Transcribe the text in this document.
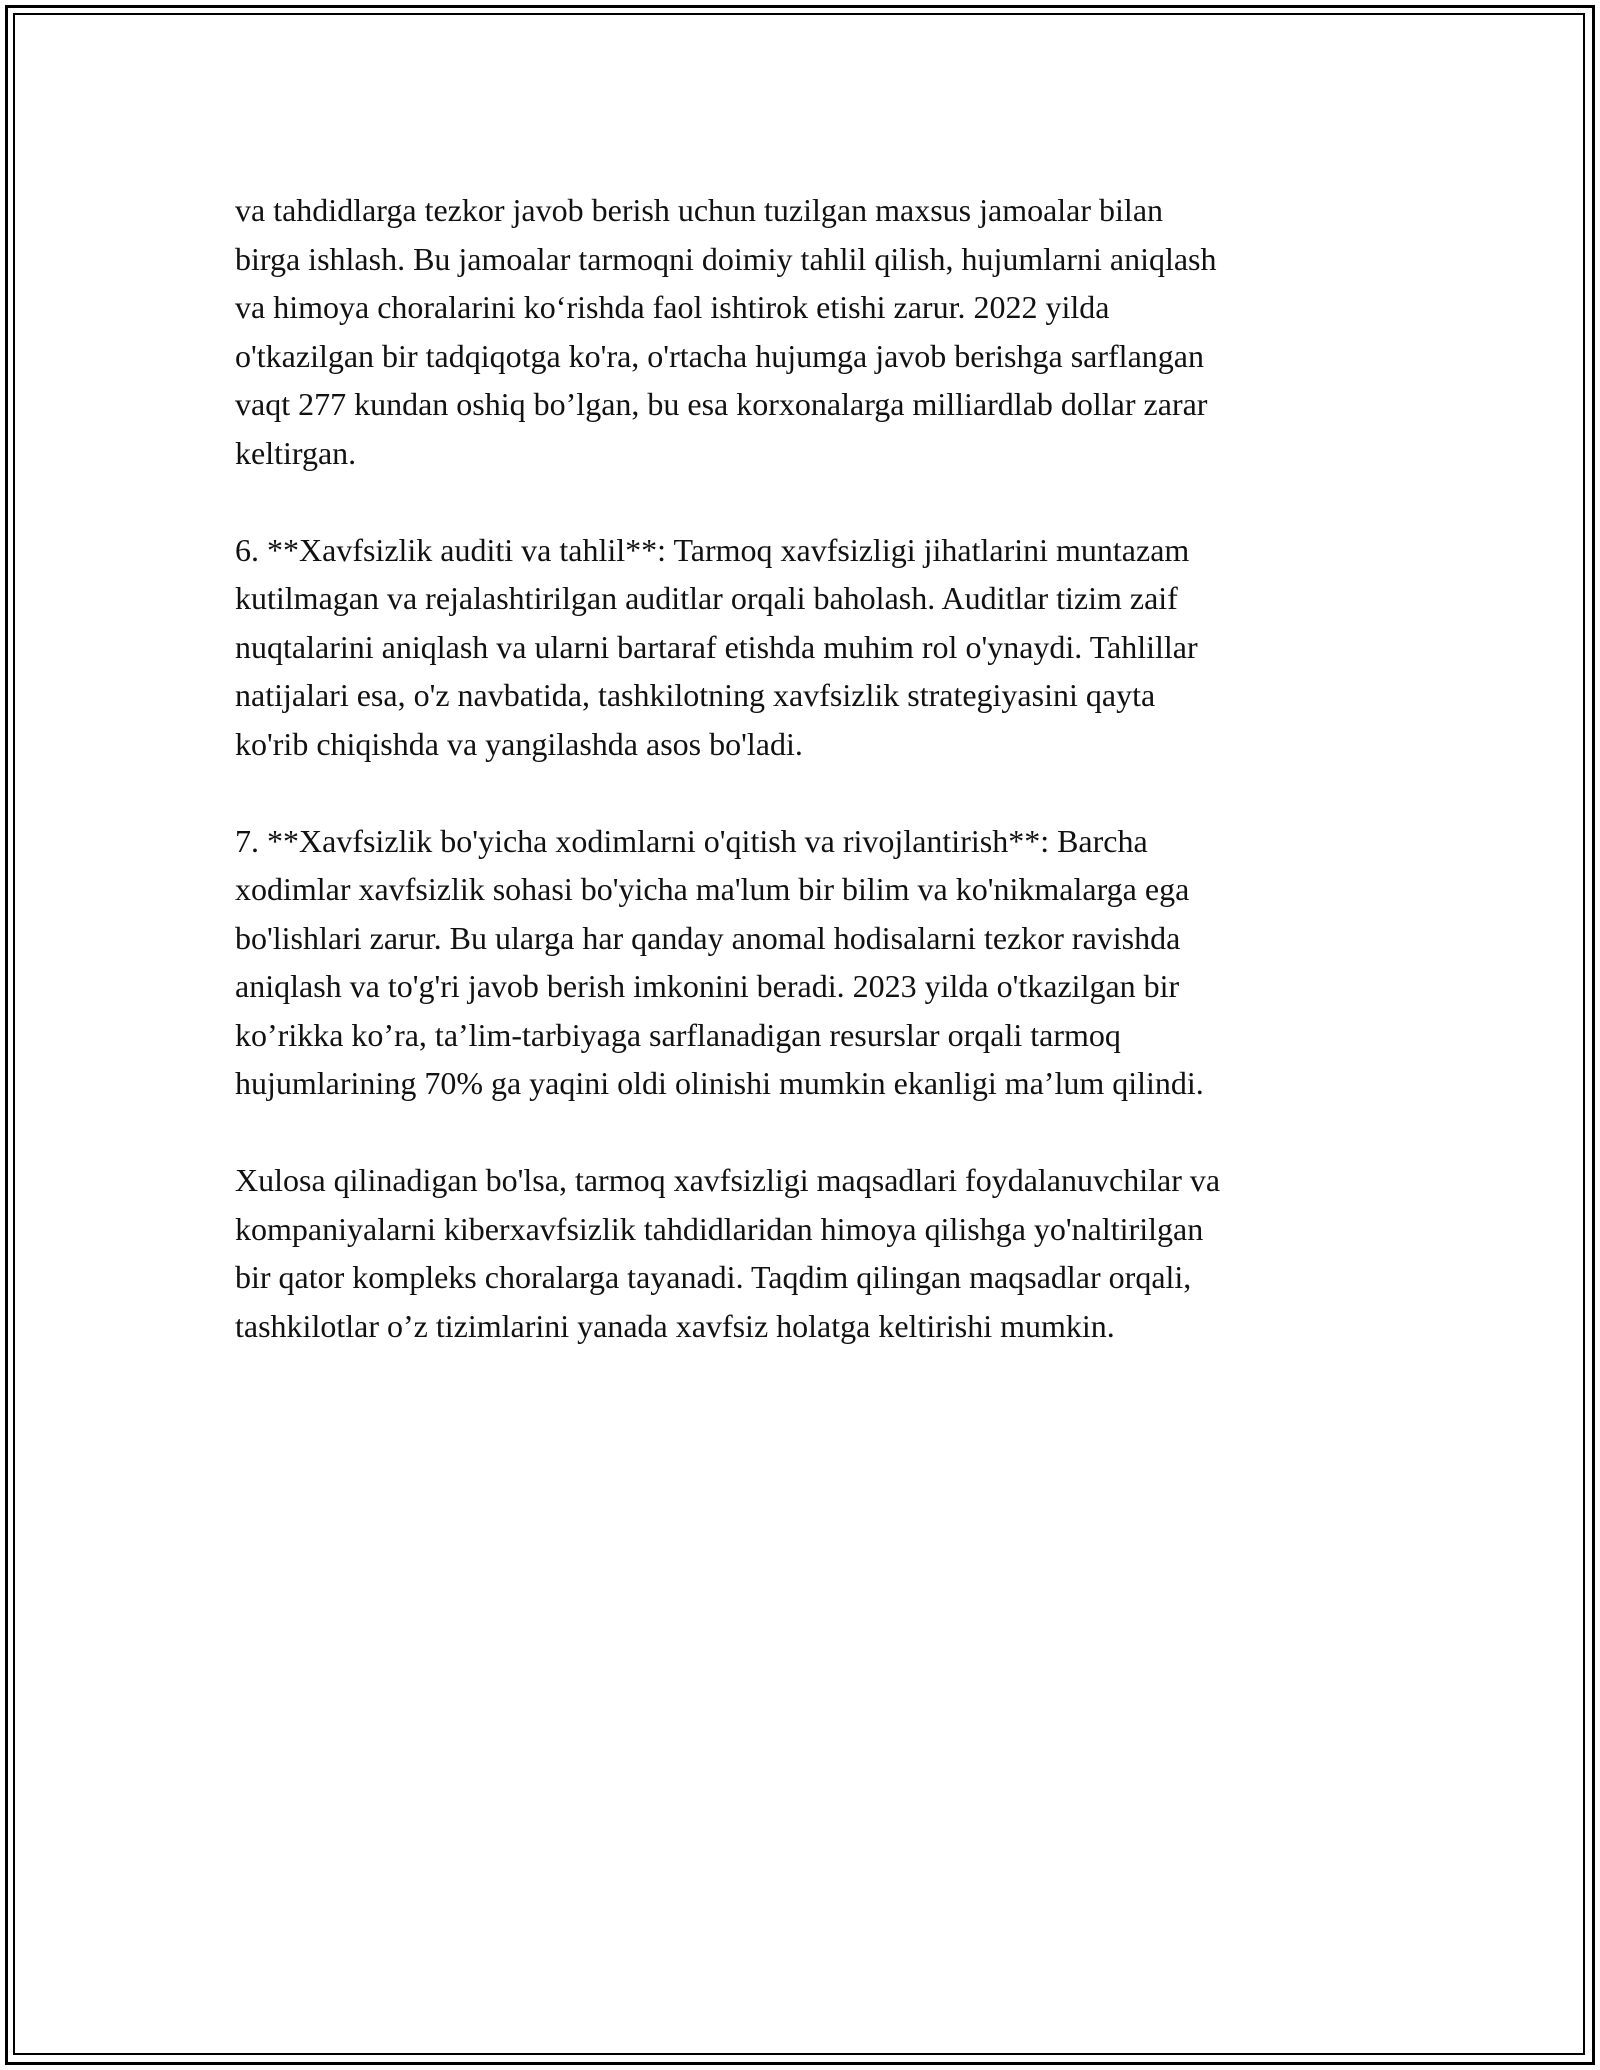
va tahdidlarga tezkor javob berish uchun tuzilgan maxsus jamoalar bilan
birga ishlash. Bu jamoalar tarmoqni doimiy tahlil qilish, hujumlarni aniqlash
va himoya choralarini ko‘rishda faol ishtirok etishi zarur. 2022 yilda
o'tkazilgan bir tadqiqotga ko'ra, o'rtacha hujumga javob berishga sarflangan
vaqt 277 kundan oshiq bo’lgan, bu esa korxonalarga milliardlab dollar zarar
keltirgan.

6. **Xavfsizlik auditi va tahlil**: Tarmoq xavfsizligi jihatlarini muntazam
kutilmagan va rejalashtirilgan auditlar orqali baholash. Auditlar tizim zaif
nuqtalarini aniqlash va ularni bartaraf etishda muhim rol o'ynaydi. Tahlillar
natijalari esa, o'z navbatida, tashkilotning xavfsizlik strategiyasini qayta
ko'rib chiqishda va yangilashda asos bo'ladi.

7. **Xavfsizlik bo'yicha xodimlarni o'qitish va rivojlantirish**: Barcha
xodimlar xavfsizlik sohasi bo'yicha ma'lum bir bilim va ko'nikmalarga ega
bo'lishlari zarur. Bu ularga har qanday anomal hodisalarni tezkor ravishda
aniqlash va to'g'ri javob berish imkonini beradi. 2023 yilda o'tkazilgan bir
ko’rikka ko’ra, ta’lim-tarbiyaga sarflanadigan resurslar orqali tarmoq
hujumlarining 70% ga yaqini oldi olinishi mumkin ekanligi ma’lum qilindi.

Xulosa qilinadigan bo'lsa, tarmoq xavfsizligi maqsadlari foydalanuvchilar va
kompaniyalarni kiberxavfsizlik tahdidlaridan himoya qilishga yo'naltirilgan
bir qator kompleks choralarga tayanadi. Taqdim qilingan maqsadlar orqali,
tashkilotlar o’z tizimlarini yanada xavfsiz holatga keltirishi mumkin.
